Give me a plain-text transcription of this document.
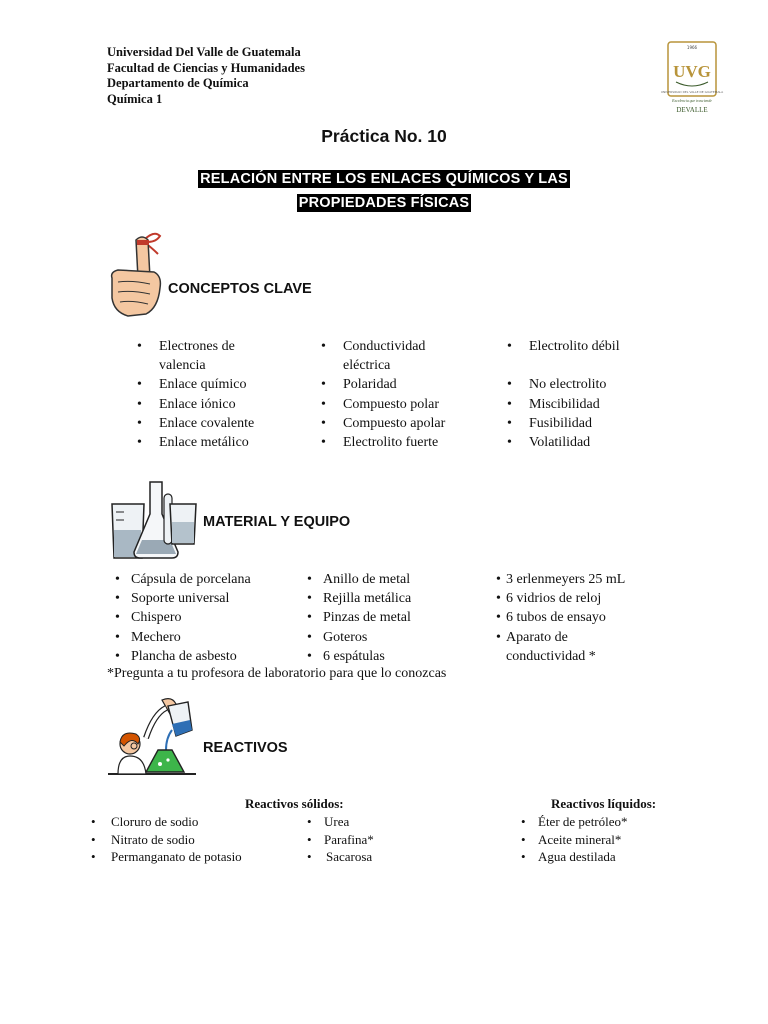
Universidad Del Valle de Guatemala
Facultad de Ciencias y Humanidades
Departamento de Química
Química 1
1966
UVG
UNIVERSIDAD DEL VALLE DE GUATEMALA
Excelencia que trasciende
DEVALLE
Práctica No. 10
RELACIÓN ENTRE LOS ENLACES QUÍMICOS Y LAS
PROPIEDADES FÍSICAS
CONCEPTOS CLAVE
• Electrones de valencia
• Enlace químico
• Enlace iónico
• Enlace covalente
• Enlace metálico
• Conductividad eléctrica
• Polaridad
• Compuesto polar
• Compuesto apolar
• Electrolito fuerte
• Electrolito débil
• No electrolito
• Miscibilidad
• Fusibilidad
• Volatilidad
MATERIAL Y EQUIPO
• Cápsula de porcelana
• Soporte universal
• Chispero
• Mechero
• Plancha de asbesto
• Anillo de metal
• Rejilla metálica
• Pinzas de metal
• Goteros
• 6 espátulas
• 3 erlenmeyers 25 mL
• 6 vidrios de reloj
• 6 tubos de ensayo
• Aparato de conductividad *
*Pregunta a tu profesora de laboratorio para que lo conozcas
REACTIVOS
Reactivos sólidos:	Reactivos líquidos:
• Cloruro de sodio
• Nitrato de sodio
• Permanganato de potasio
• Urea
• Parafina*
• Sacarosa
• Éter de petróleo*
• Aceite mineral*
• Agua destilada
